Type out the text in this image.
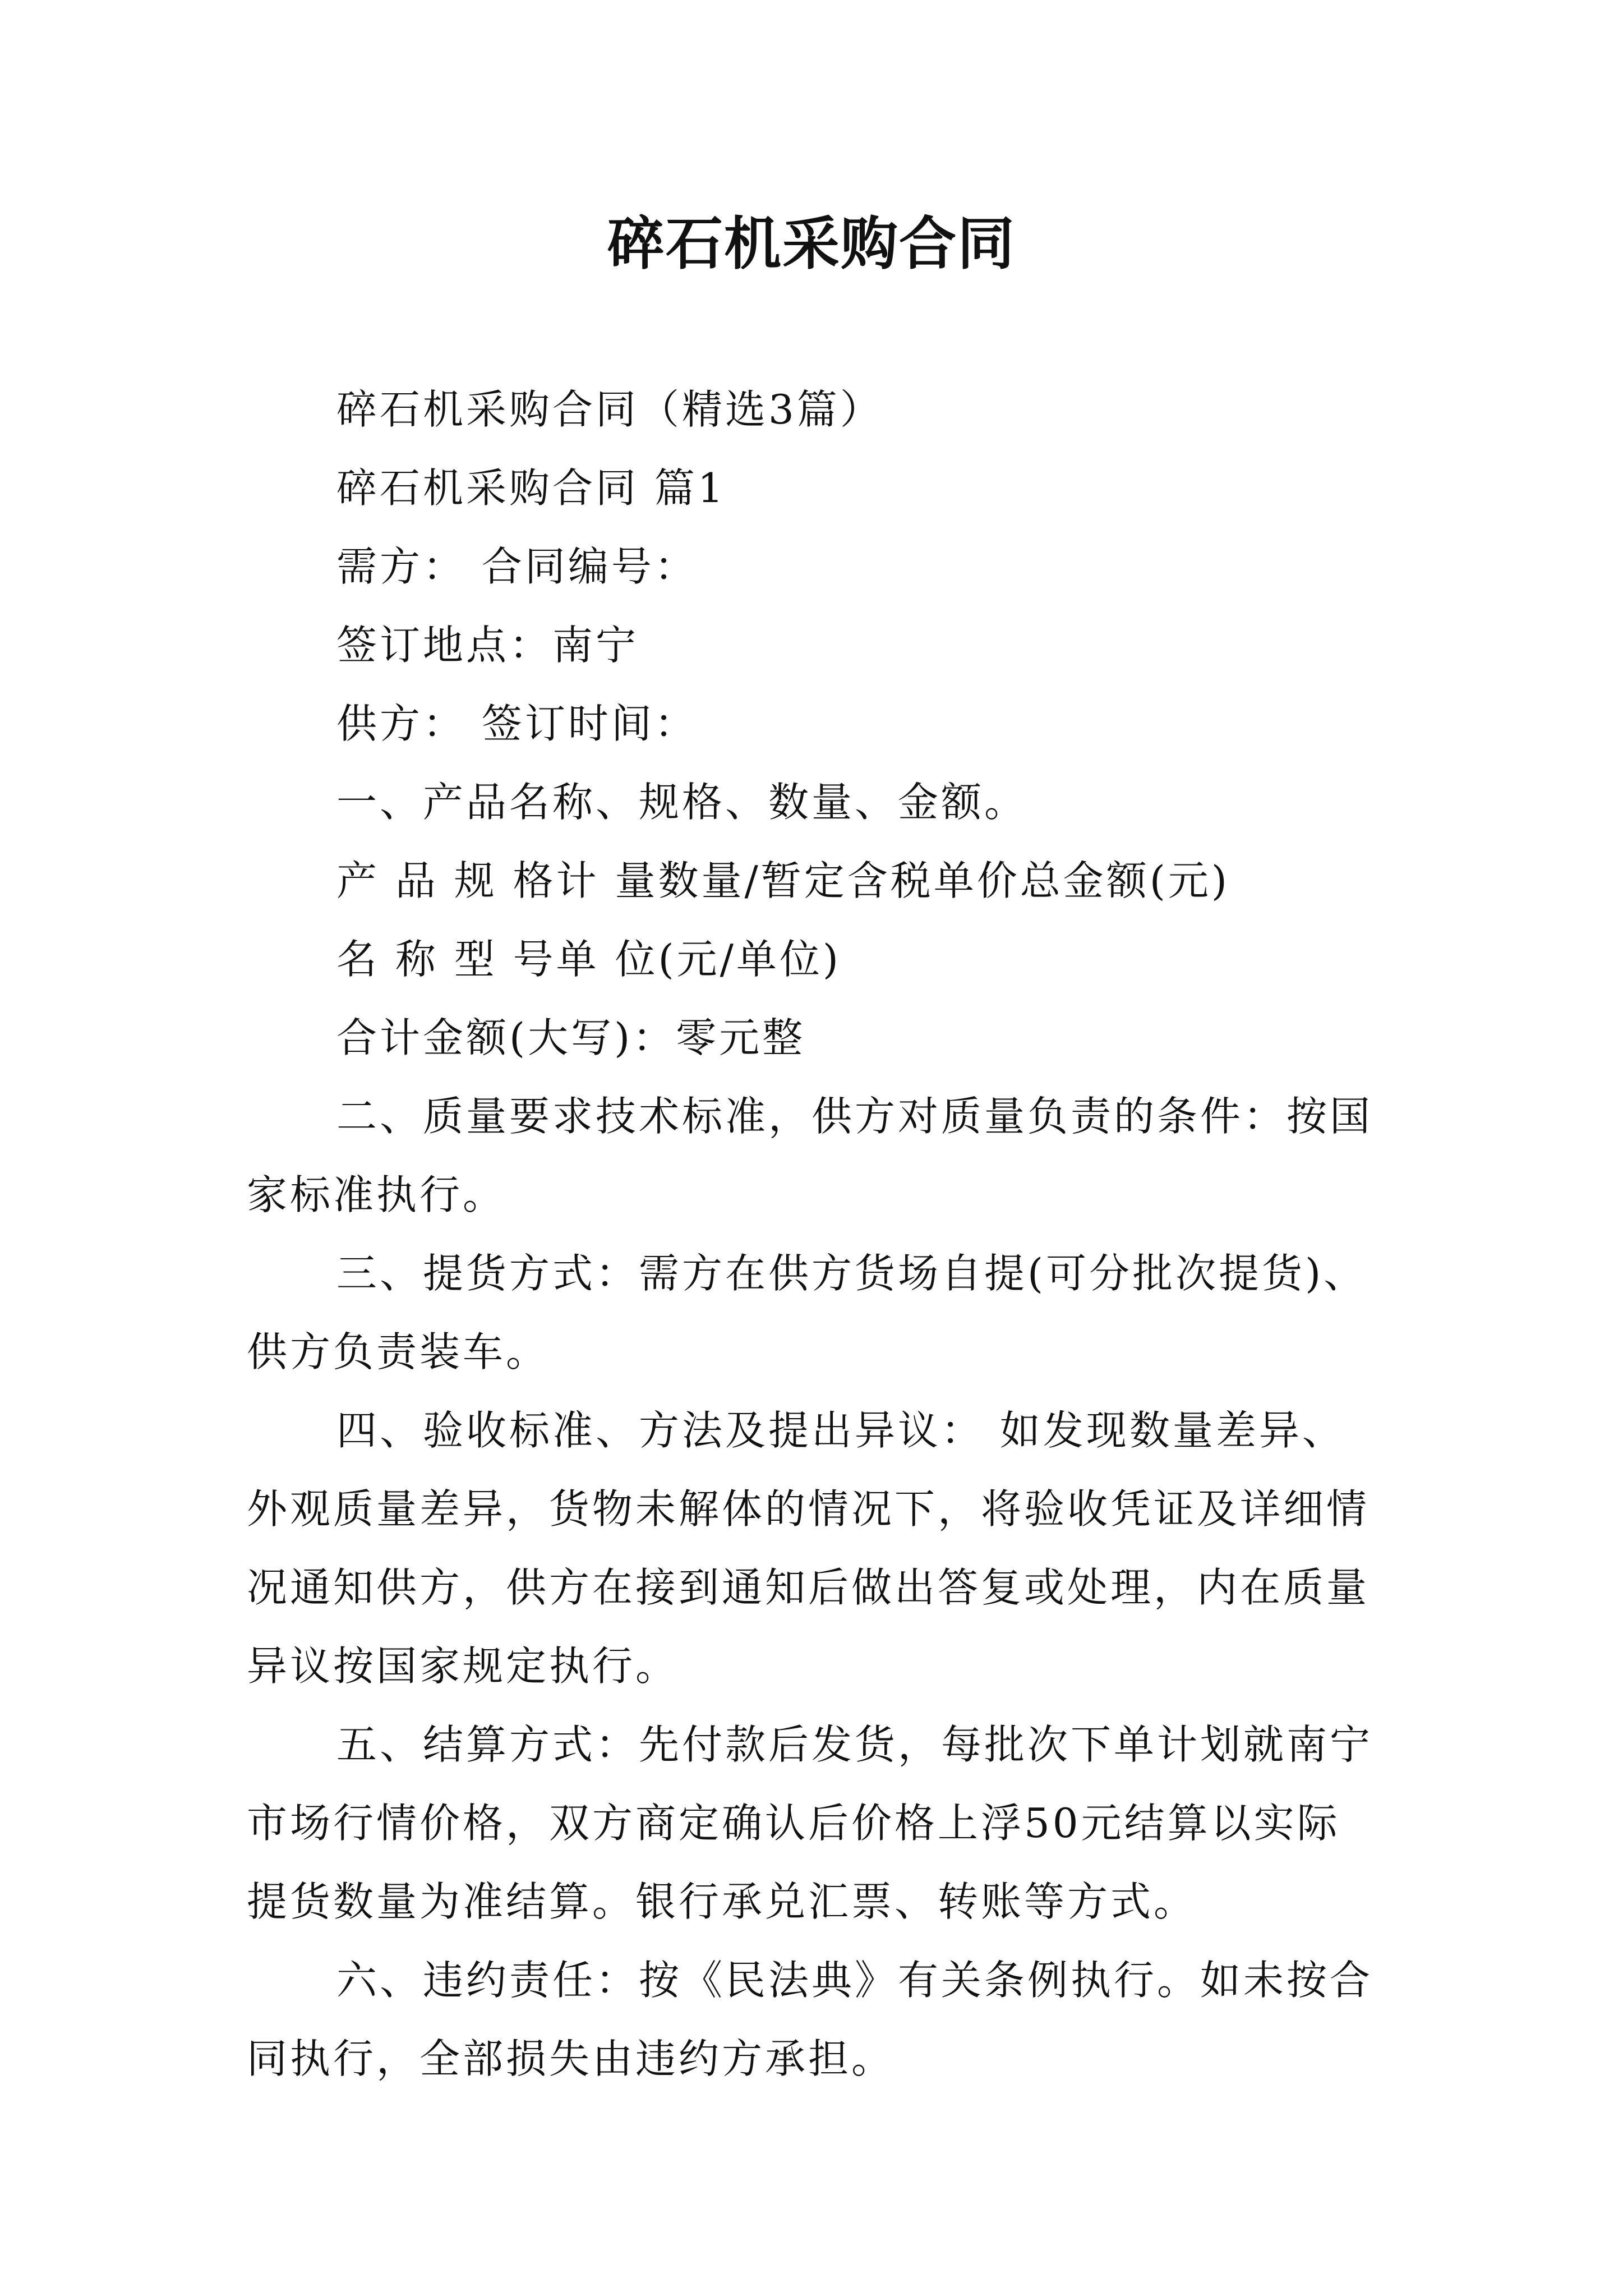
碎石机采购合同
碎石机采购合同（精选3篇）
碎石机采购合同 篇1
需方： 合同编号：
签订地点：南宁
供方： 签订时间：
一、产品名称、规格、数量、金额。
产 品 规 格计 量数量/暂定含税单价总金额(元)
名 称 型 号单 位(元/单位)
合计金额(大写)：零元整

二、质量要求技术标准，供方对质量负责的条件：按国家标准执行。

三、提货方式：需方在供方货场自提(可分批次提货)、供方负责装车。

四、验收标准、方法及提出异议： 如发现数量差异、外观质量差异，货物未解体的情况下，将验收凭证及详细情况通知供方，供方在接到通知后做出答复或处理，内在质量异议按国家规定执行。

五、结算方式：先付款后发货，每批次下单计划就南宁市场行情价格，双方商定确认后价格上浮50元结算以实际提货数量为准结算。银行承兑汇票、转账等方式。

六、违约责任：按《民法典》有关条例执行。如未按合同执行，全部损失由违约方承担。
